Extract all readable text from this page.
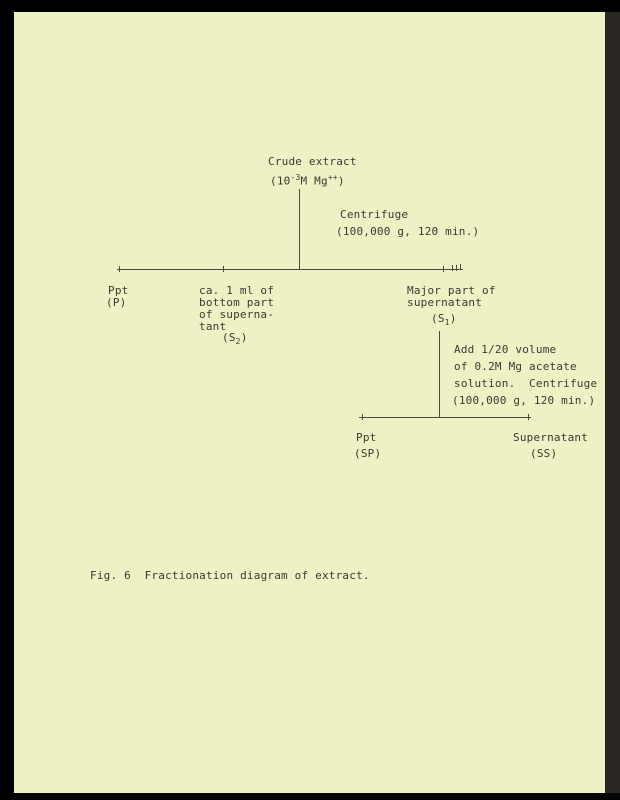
Crude extract
($10^{-3}M$ Mg++)
Centrifuge
(100,000 g, 120 min.)
Ppt
(P)
ca. 1 ml of
bottom part
of superna-
tant
$(S_2)$
Major part of
supernatant
$(S_1)$
Add 1/20 volume
of 0.2M Mg acetate
solution.  Centrifuge
(100,000 g, 120 min.)
Ppt
(SP)
Supernatant
(SS)
Fig. 6  Fractionation diagram of extract.
